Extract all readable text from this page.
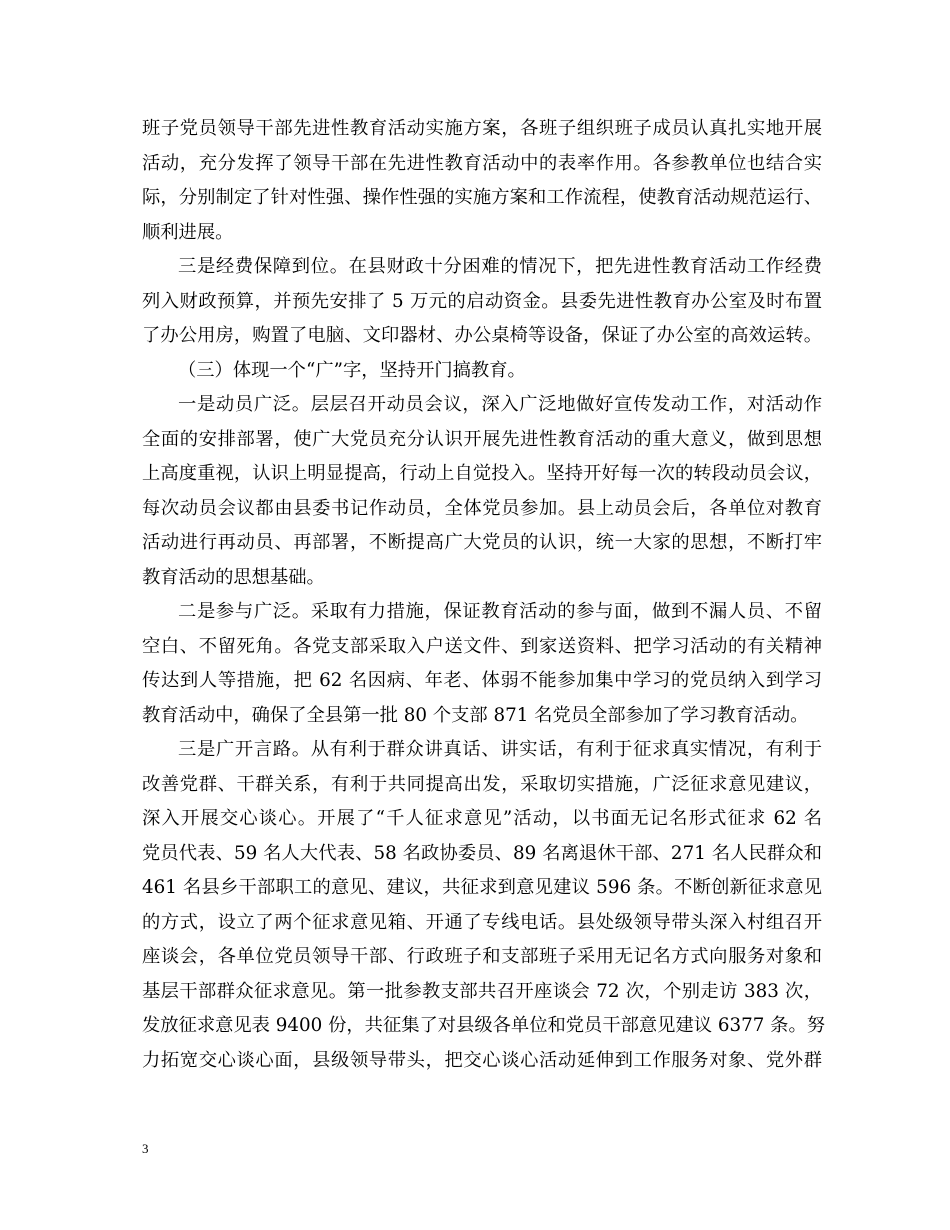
班子党员领导干部先进性教育活动实施方案，各班子组织班子成员认真扎实地开展
活动，充分发挥了领导干部在先进性教育活动中的表率作用。各参教单位也结合实
际，分别制定了针对性强、操作性强的实施方案和工作流程，使教育活动规范运行、
顺利进展。
三是经费保障到位。在县财政十分困难的情况下，把先进性教育活动工作经费
列入财政预算，并预先安排了 5 万元的启动资金。县委先进性教育办公室及时布置
了办公用房，购置了电脑、文印器材、办公桌椅等设备，保证了办公室的高效运转。
（三）体现一个“广”字，坚持开门搞教育。
一是动员广泛。层层召开动员会议，深入广泛地做好宣传发动工作，对活动作
全面的安排部署，使广大党员充分认识开展先进性教育活动的重大意义，做到思想
上高度重视，认识上明显提高，行动上自觉投入。坚持开好每一次的转段动员会议，
每次动员会议都由县委书记作动员，全体党员参加。县上动员会后，各单位对教育
活动进行再动员、再部署，不断提高广大党员的认识，统一大家的思想，不断打牢
教育活动的思想基础。
二是参与广泛。采取有力措施，保证教育活动的参与面，做到不漏人员、不留
空白、不留死角。各党支部采取入户送文件、到家送资料、把学习活动的有关精神
传达到人等措施，把 62 名因病、年老、体弱不能参加集中学习的党员纳入到学习
教育活动中，确保了全县第一批 80 个支部 871 名党员全部参加了学习教育活动。
三是广开言路。从有利于群众讲真话、讲实话，有利于征求真实情况，有利于
改善党群、干群关系，有利于共同提高出发，采取切实措施，广泛征求意见建议，
深入开展交心谈心。开展了“千人征求意见”活动，以书面无记名形式征求 62 名
党员代表、59 名人大代表、58 名政协委员、89 名离退休干部、271 名人民群众和
461 名县乡干部职工的意见、建议，共征求到意见建议 596 条。不断创新征求意见
的方式，设立了两个征求意见箱、开通了专线电话。县处级领导带头深入村组召开
座谈会，各单位党员领导干部、行政班子和支部班子采用无记名方式向服务对象和
基层干部群众征求意见。第一批参教支部共召开座谈会 72 次，个别走访 383 次，
发放征求意见表 9400 份，共征集了对县级各单位和党员干部意见建议 6377 条。努
力拓宽交心谈心面，县级领导带头，把交心谈心活动延伸到工作服务对象、党外群
3
